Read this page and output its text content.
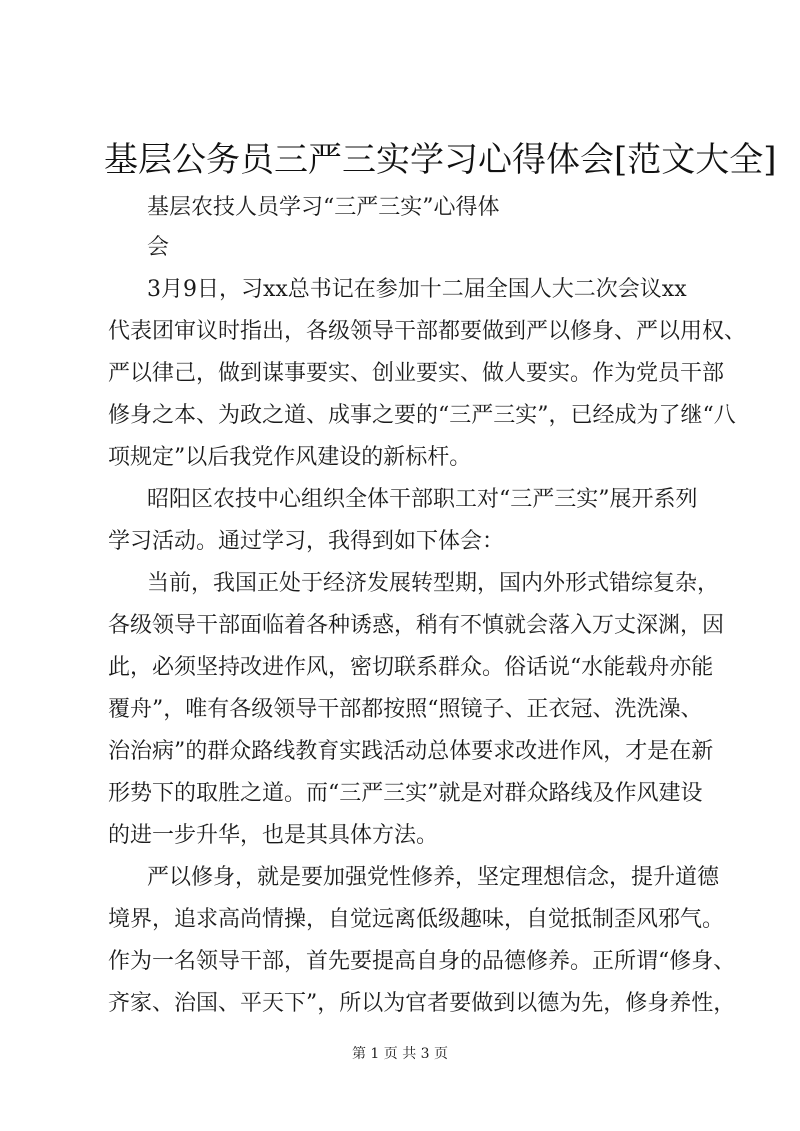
基层公务员三严三实学习心得体会[范文大全]
基层农技人员学习“三严三实”心得体
会
3月9日，习xx总书记在参加十二届全国人大二次会议xx
代表团审议时指出，各级领导干部都要做到严以修身、严以用权、
严以律己，做到谋事要实、创业要实、做人要实。作为党员干部
修身之本、为政之道、成事之要的“三严三实”，已经成为了继“八
项规定”以后我党作风建设的新标杆。
昭阳区农技中心组织全体干部职工对“三严三实”展开系列
学习活动。通过学习，我得到如下体会：
当前，我国正处于经济发展转型期，国内外形式错综复杂，
各级领导干部面临着各种诱惑，稍有不慎就会落入万丈深渊，因
此，必须坚持改进作风，密切联系群众。俗话说“水能载舟亦能
覆舟”，唯有各级领导干部都按照“照镜子、正衣冠、洗洗澡、
治治病”的群众路线教育实践活动总体要求改进作风，才是在新
形势下的取胜之道。而“三严三实”就是对群众路线及作风建设
的进一步升华，也是其具体方法。
严以修身，就是要加强党性修养，坚定理想信念，提升道德
境界，追求高尚情操，自觉远离低级趣味，自觉抵制歪风邪气。
作为一名领导干部，首先要提高自身的品德修养。正所谓“修身、
齐家、治国、平天下”，所以为官者要做到以德为先，修身养性，
第 1 页 共 3 页
